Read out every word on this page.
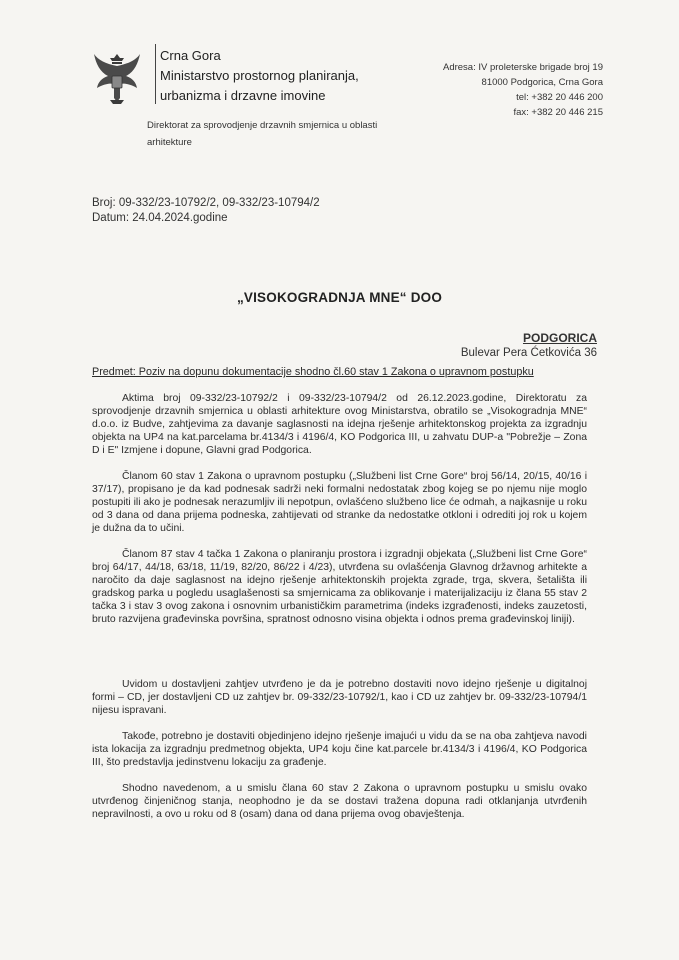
Crna Gora
Ministarstvo prostornog planiranja,
urbanizma i drzavne imovine
Direktorat za sprovodjenje drzavnih smjernica u oblasti arhitekture
Adresa: IV proleterske brigade broj 19
81000 Podgorica, Crna Gora
tel: +382 20 446 200
fax: +382 20 446 215
Broj: 09-332/23-10792/2, 09-332/23-10794/2
Datum: 24.04.2024.godine
„VISOKOGRADNJA MNE“ DOO
PODGORICA
Bulevar Pera Ćetkovića 36
Predmet: Poziv na dopunu dokumentacije shodno čl.60 stav 1 Zakona o upravnom postupku

Aktima broj 09-332/23-10792/2 i 09-332/23-10794/2 od 26.12.2023.godine, Direktoratu za sprovodjenje drzavnih smjernica u oblasti arhitekture ovog Ministarstva, obratilo se „Visokogradnja MNE“ d.o.o. iz Budve, zahtjevima za davanje saglasnosti na idejna rješenje arhitektonskog projekta za izgradnju objekta na UP4 na kat.parcelama br.4134/3 i 4196/4, KO Podgorica III, u zahvatu DUP-a "Pobrežje – Zona D i E" Izmjene i dopune, Glavni grad Podgorica.

Članom 60 stav 1 Zakona o upravnom postupku („Službeni list Crne Gore“ broj 56/14, 20/15, 40/16 i 37/17), propisano je da kad podnesak sadrži neki formalni nedostatak zbog kojeg se po njemu nije moglo postupiti ili ako je podnesak nerazumljiv ili nepotpun, ovlašćeno službeno lice će odmah, a najkasnije u roku od 3 dana od dana prijema podneska, zahtijevati od stranke da nedostatke otkloni i odrediti joj rok u kojem je dužna da to učini.

Članom 87 stav 4 tačka 1 Zakona o planiranju prostora i izgradnji objekata („Službeni list Crne Gore“ broj 64/17, 44/18, 63/18, 11/19, 82/20, 86/22 i 4/23), utvrđena su ovlašćenja Glavnog državnog arhitekte a naročito da daje saglasnost na idejno rješenje arhitektonskih projekta zgrade, trga, skvera, šetališta ili gradskog parka u pogledu usaglašenosti sa smjernicama za oblikovanje i materijalizaciju iz člana 55 stav 2 tačka 3 i stav 3 ovog zakona i osnovnim urbanističkim parametrima (indeks izgrađenosti, indeks zauzetosti, bruto razvijena građevinska površina, spratnost odnosno visina objekta i odnos prema građevinskoj liniji).

Uvidom u dostavljeni zahtjev utvrđeno je da je potrebno dostaviti novo idejno rješenje u digitalnoj formi – CD, jer dostavljeni CD uz zahtjev br. 09-332/23-10792/1, kao i CD uz zahtjev br. 09-332/23-10794/1 nijesu ispravani.

Takođe, potrebno je dostaviti objedinjeno idejno rješenje imajući u vidu da se na oba zahtjeva navodi ista lokacija za izgradnju predmetnog objekta, UP4 koju čine kat.parcele br.4134/3 i 4196/4, KO Podgorica III, što predstavlja jedinstvenu lokaciju za građenje.

Shodno navedenom, a u smislu člana 60 stav 2 Zakona o upravnom postupku u smislu ovako utvrđenog činjeničnog stanja, neophodno je da se dostavi tražena dopuna radi otklanjanja utvrđenih nepravilnosti, a ovo u roku od 8 (osam) dana od dana prijema ovog obavještenja.
